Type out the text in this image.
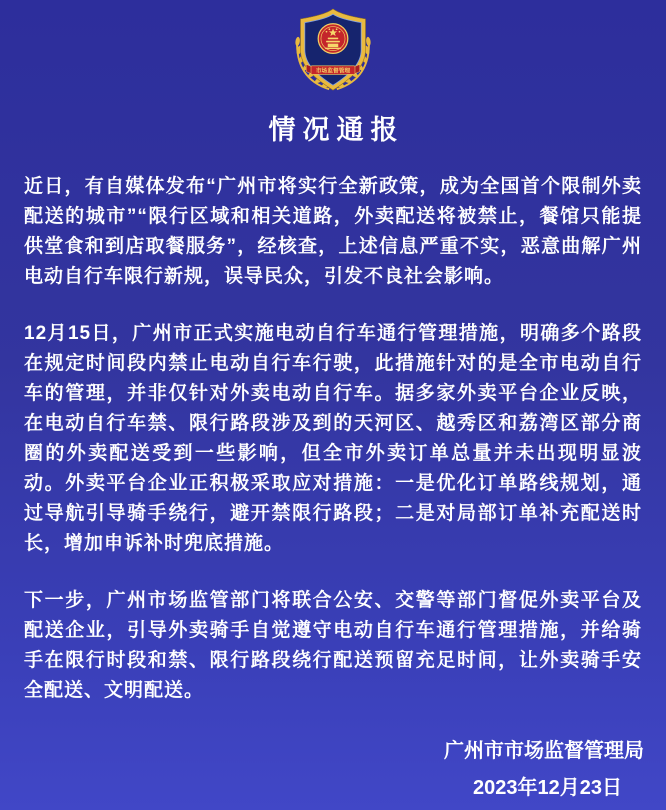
市场监督管理
情况通报

近日，有自媒体发布“广州市将实行全新政策，成为全国首个限制外卖配送的城市”“限行区域和相关道路，外卖配送将被禁止，餐馆只能提供堂食和到店取餐服务”，经核查，上述信息严重不实，恶意曲解广州电动自行车限行新规，误导民众，引发不良社会影响。

12月15日，广州市正式实施电动自行车通行管理措施，明确多个路段在规定时间段内禁止电动自行车行驶，此措施针对的是全市电动自行车的管理，并非仅针对外卖电动自行车。据多家外卖平台企业反映，在电动自行车禁、限行路段涉及到的天河区、越秀区和荔湾区部分商圈的外卖配送受到一些影响，但全市外卖订单总量并未出现明显波动。外卖平台企业正积极采取应对措施：一是优化订单路线规划，通过导航引导骑手绕行，避开禁限行路段；二是对局部订单补充配送时长，增加申诉补时兜底措施。

下一步，广州市场监管部门将联合公安、交警等部门督促外卖平台及配送企业，引导外卖骑手自觉遵守电动自行车通行管理措施，并给骑手在限行时段和禁、限行路段绕行配送预留充足时间，让外卖骑手安全配送、文明配送。

广州市市场监督管理局
2023年12月23日
